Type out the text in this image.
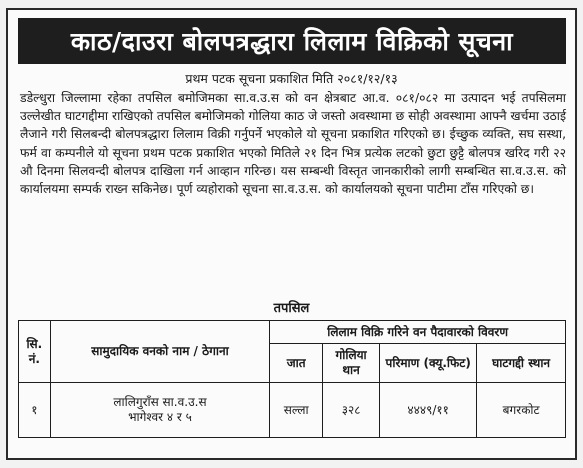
काठ/दाउरा बोलपत्रद्धारा लिलाम विक्रिको सूचना
प्रथम पटक सूचना प्रकाशित मिति २०८१/१२/१३
डडेल्धुरा जिल्लामा रहेका तपसिल बमोजिमका सा.व.उ.स को वन क्षेत्रबाट आ.व. ०८१/०८२ मा उत्पादन भई तपसिलमा उल्लेखीत घाटगद्दीमा राखिएको तपसिल बमोजिमको गोलिया काठ जे जस्तो अवस्थामा छ सोही अवस्थामा आफ्नै खर्चमा उठाई लैजाने गरी सिलबन्दी बोलपत्रद्धारा लिलाम विक्री गर्नुपर्ने भएकोले यो सूचना प्रकाशित गरिएको छ। ईच्छुक व्यक्ति, सघ सस्था, फर्म वा कम्पनीले यो सूचना प्रथम पटक प्रकाशित भएको मितिले २१ दिन भित्र प्रत्येक लटको छुटा छुट्टै बोलपत्र खरिद गरी २२ औ दिनमा सिलवन्दी बोलपत्र दाखिला गर्न आव्हान गरिन्छ। यस सम्बन्धी विस्तृत जानकारीको लागी सम्बन्धित सा.व.उ.स. को कार्यालयमा सम्पर्क राख्न सकिनेछ। पूर्ण व्यहोराको सूचना सा.व.उ.स. को कार्यालयको सूचना पाटीमा टाँस गरिएको छ।
तपसिल
सि. नं.	सामुदायिक वनको नाम / ठेगाना	लिलाम विक्रि गरिने वन पैदावारको विवरण			
		जात	गोलिया थान	परिमाण (क्यू.फिट)	घाटगद्दी स्थान
१	लालिगुराँस सा.व.उ.स
भागेश्वर ४ र ५	सल्ला	३२८	४४४९/११	बगरकोट
